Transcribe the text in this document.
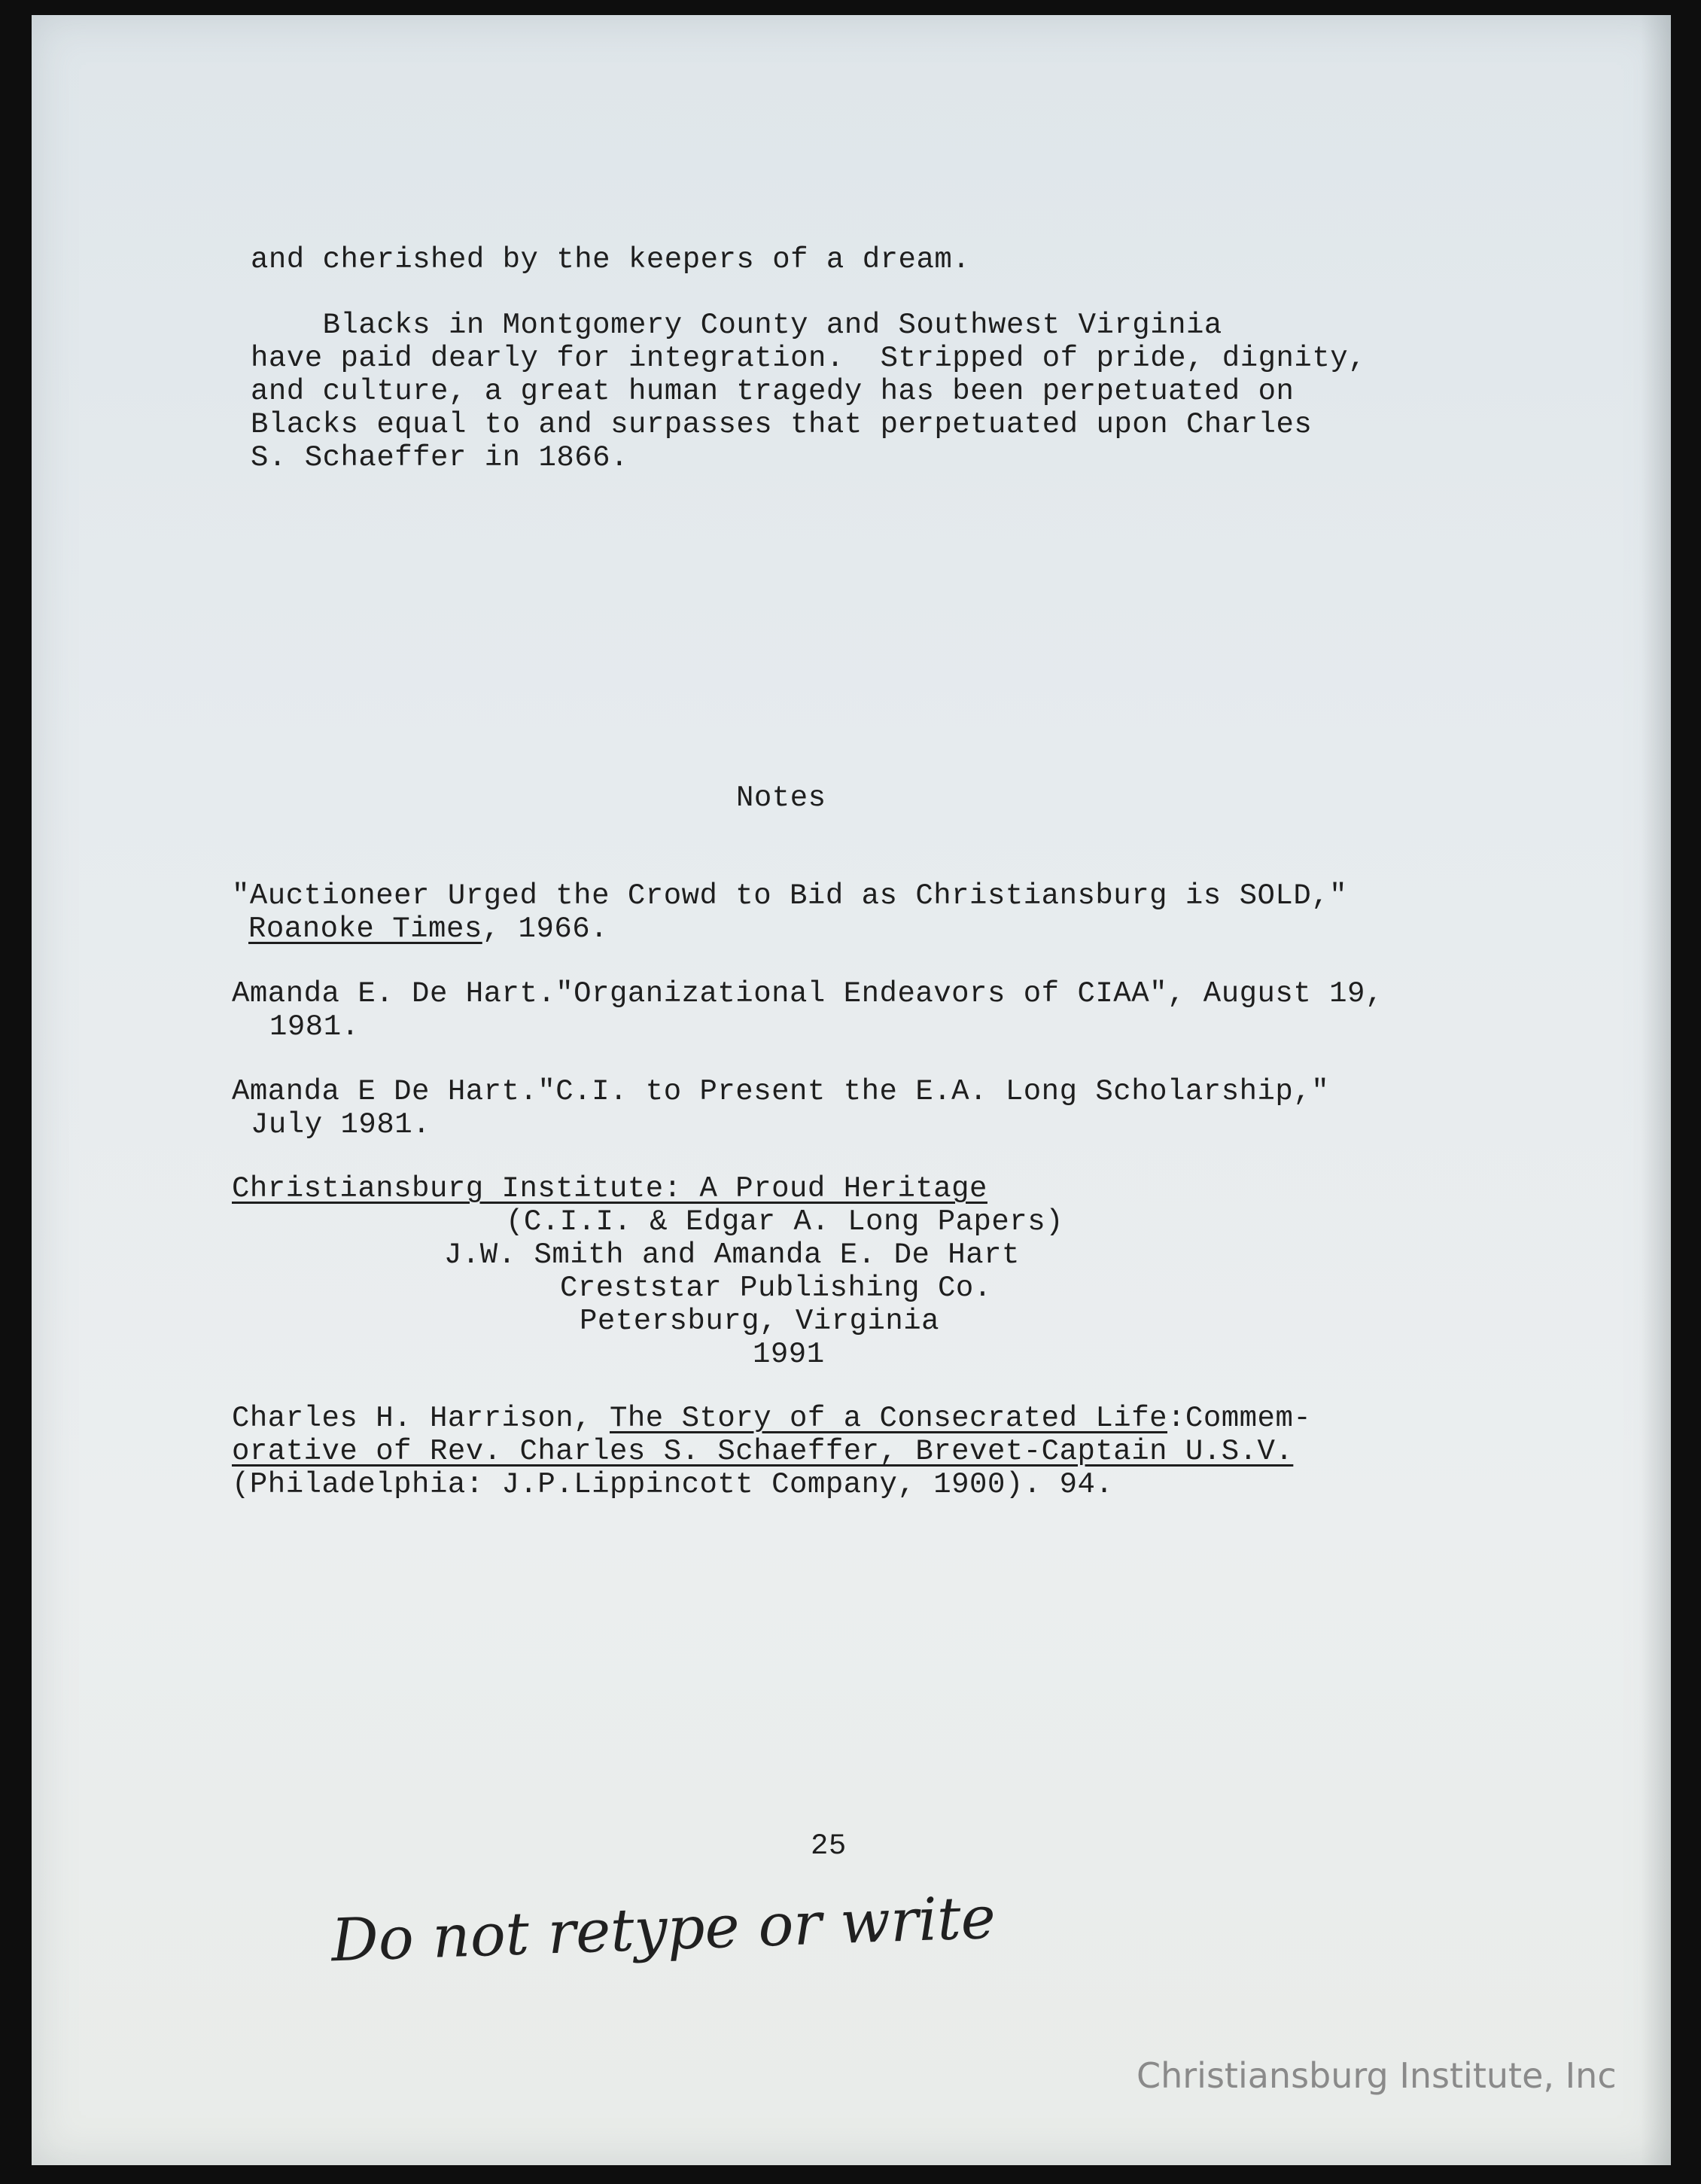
and cherished by the keepers of a dream.
Blacks in Montgomery County and Southwest Virginia
have paid dearly for integration.  Stripped of pride, dignity,
and culture, a great human tragedy has been perpetuated on
Blacks equal to and surpasses that perpetuated upon Charles
S. Schaeffer in 1866.
Notes
"Auctioneer Urged the Crowd to Bid as Christiansburg is SOLD,"
Roanoke Times, 1966.
Amanda E. De Hart."Organizational Endeavors of CIAA", August 19,
1981.
Amanda E De Hart."C.I. to Present the E.A. Long Scholarship,"
July 1981.
Christiansburg Institute: A Proud Heritage
(C.I.I. & Edgar A. Long Papers)
J.W. Smith and Amanda E. De Hart
Creststar Publishing Co.
Petersburg, Virginia
1991
Charles H. Harrison, The Story of a Consecrated Life:Commem-
orative of Rev. Charles S. Schaeffer, Brevet-Captain U.S.V.
(Philadelphia: J.P.Lippincott Company, 1900). 94.
25
Do not retype or write
Christiansburg Institute, Inc
